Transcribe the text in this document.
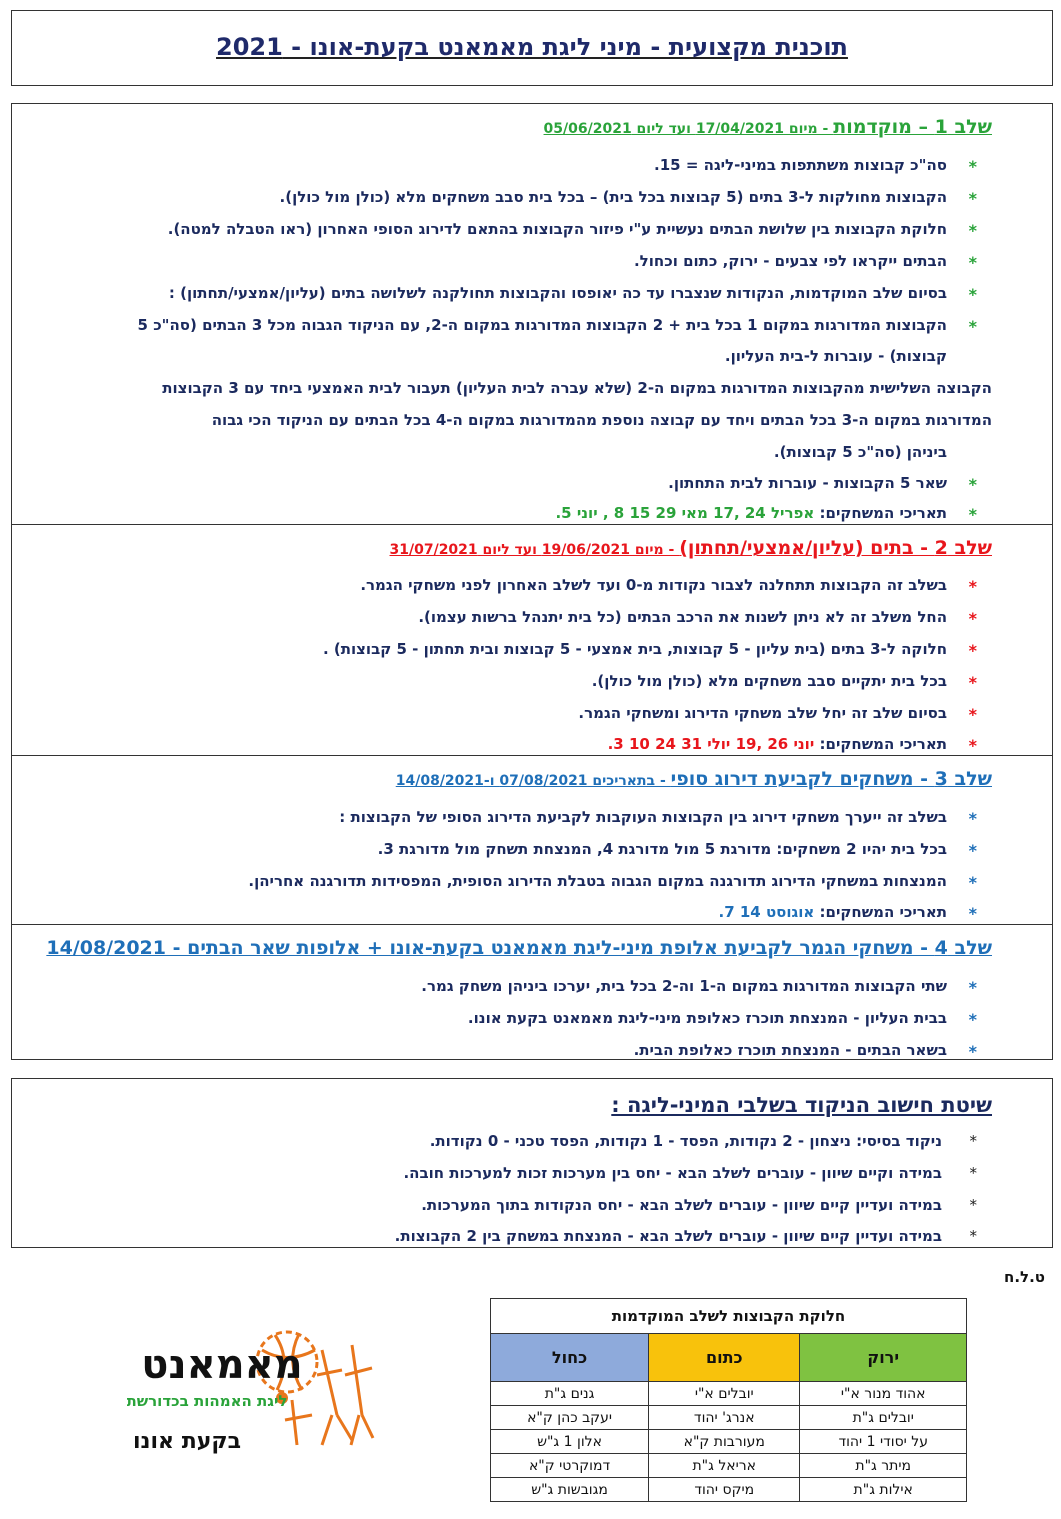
תוכנית מקצועית - מיני ליגת מאמאנט בקעת-אונו - 2021
שלב 1 – מוקדמות - מיום 17/04/2021 ועד ליום 05/06/2021
*
סה"כ קבוצות משתתפות במיני-ליגה = 15.
*
הקבוצות מחולקות ל-3 בתים (5 קבוצות בכל בית) – בכל בית סבב משחקים מלא (כולן מול כולן).
*
חלוקת הקבוצות בין שלושת הבתים נעשיית ע"י פיזור הקבוצות בהתאם לדירוג הסופי האחרון (ראו הטבלה למטה).
*
הבתים ייקראו לפי צבעים - ירוק, כתום וכחול.
*
בסיום שלב המוקדמות, הנקודות שנצברו עד כה יאופסו והקבוצות תחולקנה לשלושה בתים (עליון/אמצעי/תחתון) :
*
הקבוצות המדורגות במקום 1 בכל בית + 2 הקבוצות המדורגות במקום ה-2, עם הניקוד הגבוה מכל 3 הבתים (סה"כ 5
קבוצות) - עוברות ל-בית העליון.
הקבוצה השלישית מהקבוצות המדורגות במקום ה-2 (שלא עברה לבית העליון) תעבור לבית האמצעי ביחד עם 3 הקבוצות
המדורגות במקום ה-3 בכל הבתים ויחד עם קבוצה נוספת מהמדורגות במקום ה-4 בכל הבתים עם הניקוד הכי גבוה
ביניהן (סה"כ 5 קבוצות).
*
שאר 5 הקבוצות - עוברות לבית התחתון.
*
תאריכי המשחקים: אפריל 24 ,17 מאי 29 15 8 , יוני 5.
שלב 2 - בתים (עליון/אמצעי/תחתון) - מיום 19/06/2021 ועד ליום 31/07/2021
*
בשלב זה הקבוצות תתחלנה לצבור נקודות מ-0 ועד לשלב האחרון לפני משחקי הגמר.
*
החל משלב זה לא ניתן לשנות את הרכב הבתים (כל בית יתנהל ברשות עצמו).
*
חלוקה ל-3 בתים (בית עליון - 5 קבוצות, בית אמצעי - 5 קבוצות ובית תחתון - 5 קבוצות) .
*
בכל בית יתקיים סבב משחקים מלא (כולן מול כולן).
*
בסיום שלב זה יחל שלב משחקי הדירוג ומשחקי הגמר.
*
תאריכי המשחקים: יוני 26 ,19 יולי 31 24 10 3.
שלב 3 - משחקים לקביעת דירוג סופי - בתאריכים 07/08/2021 ו-14/08/2021
*
בשלב זה ייערך משחקי דירוג בין הקבוצות העוקבות לקביעת הדירוג הסופי של הקבוצות :
*
בכל בית יהיו 2 משחקים: מדורגת 5 מול מדורגת 4, המנצחת תשחק מול מדורגת 3.
*
המנצחות במשחקי הדירוג תדורגנה במקום הגבוה בטבלת הדירוג הסופית, המפסידות תדורגנה אחריהן.
*
תאריכי המשחקים: אוגוסט 14 7.
שלב 4 - משחקי הגמר לקביעת אלופת מיני-ליגת מאמאנט בקעת-אונו + אלופות שאר הבתים - 14/08/2021
*
שתי הקבוצות המדורגות במקום ה-1 וה-2 בכל בית, יערכו ביניהן משחק גמר.
*
בבית העליון - המנצחת תוכרז כאלופת מיני-ליגת מאמאנט בקעת אונו.
*
בשאר הבתים - המנצחת תוכרז כאלופת הבית.
שיטת חישוב הניקוד בשלבי המיני-ליגה :
*
ניקוד בסיסי: ניצחון - 2 נקודות, הפסד - 1 נקודות, הפסד טכני - 0 נקודות.
*
במידה וקיים שיוון - עוברים לשלב הבא - יחס בין מערכות זכות למערכות חובה.
*
במידה ועדיין קיים שיוון - עוברים לשלב הבא - יחס הנקודות בתוך המערכות.
*
במידה ועדיין קיים שיוון - עוברים לשלב הבא - המנצחת במשחק בין 2 הקבוצות.
ט.ל.ח
חלוקת הקבוצות לשלב המוקדמות		
ירוק	כתום	כחול
אהוד מנור א"י	יובלים א"י	גנים ג"ת
יובלים ג"ת	אנרג' יהוד	יעקב כהן ק"א
על יסודי 1 יהוד	מעורבות ק"א	אלון 1 ג"ש
מיתר ג"ת	אריאל ג"ת	דמוקרטי ק"א
אילות ג"ת	מיקס יהוד	מגובשות ג"ש
מאמאנט
ליגת האמהות בכדורשת
בקעת אונו
